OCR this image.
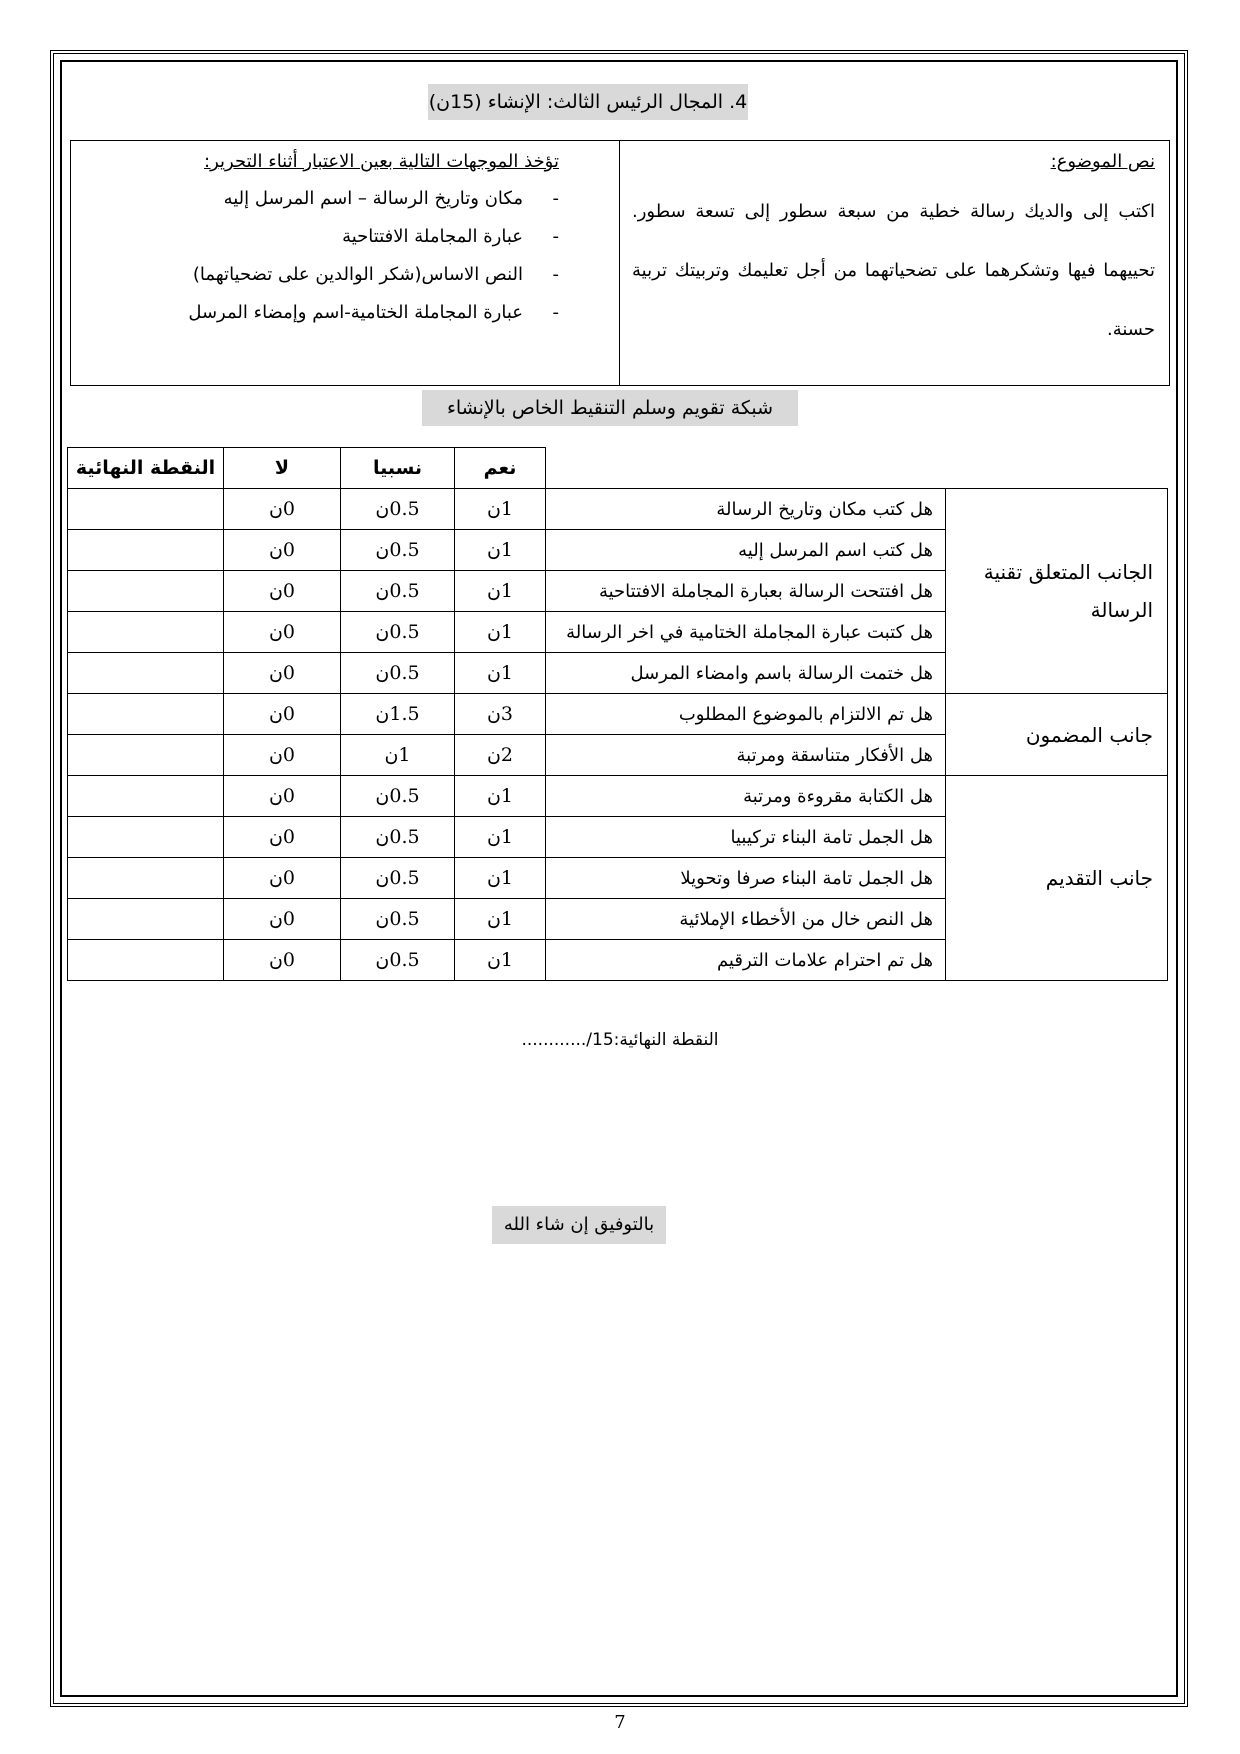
4. المجال الرئيس الثالث: الإنشاء (15ن)
نص الموضوع:
اكتب إلى والديك رسالة خطية من سبعة سطور إلى تسعة سطور. تحييهما فيها وتشكرهما على تضحياتهما من أجل تعليمك وتربيتك تربية حسنة.
تؤخذ الموجهات التالية بعين الاعتبار أثناء التحرير:
-مكان وتاريخ الرسالة – اسم المرسل إليه
-عبارة المجاملة الافتتاحية
-النص الاساس(شكر الوالدين على تضحياتهما)
-عبارة المجاملة الختامية-اسم وإمضاء المرسل
شبكة تقويم وسلم التنقيط الخاص بالإنشاء
		نعم	نسبيا	لا	النقطة النهائية
الجانب المتعلق تقنية الرسالة	هل كتب مكان وتاريخ الرسالة	1ن	0.5ن	0ن	
	هل كتب اسم المرسل إليه	1ن	0.5ن	0ن	
	هل افتتحت الرسالة بعبارة المجاملة الافتتاحية	1ن	0.5ن	0ن	
	هل كتبت عبارة المجاملة الختامية في اخر الرسالة	1ن	0.5ن	0ن	
	هل ختمت الرسالة باسم وامضاء المرسل	1ن	0.5ن	0ن	
جانب المضمون	هل تم الالتزام بالموضوع المطلوب	3ن	1.5ن	0ن	
	هل الأفكار متناسقة ومرتبة	2ن	1ن	0ن	
جانب التقديم	هل الكتابة مقروءة ومرتبة	1ن	0.5ن	0ن	
	هل الجمل تامة البناء تركيبيا	1ن	0.5ن	0ن	
	هل الجمل تامة البناء صرفا وتحويلا	1ن	0.5ن	0ن	
	هل النص خال من الأخطاء الإملائية	1ن	0.5ن	0ن	
	هل تم احترام علامات الترقيم	1ن	0.5ن	0ن	
النقطة النهائية:15/............
بالتوفيق إن شاء الله
7
